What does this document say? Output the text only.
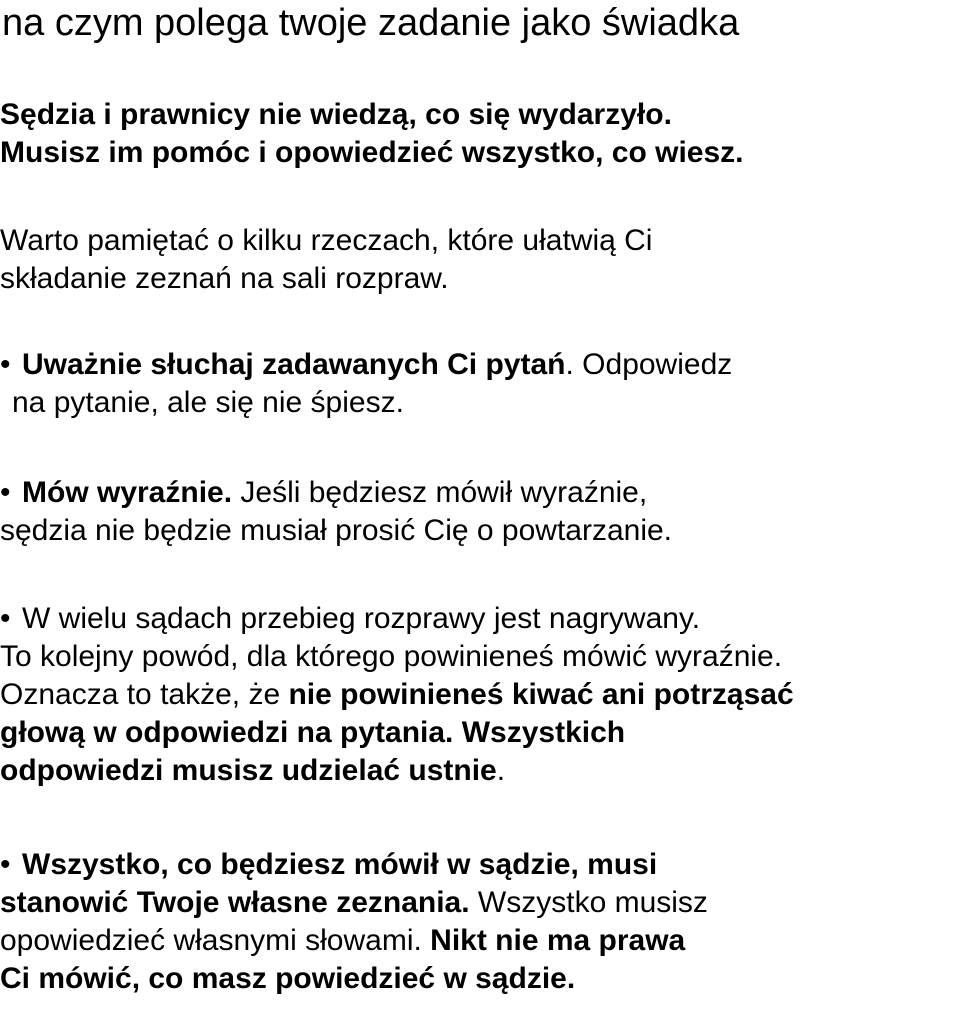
na czym polega twoje zadanie jako świadka

Sędzia i prawnicy nie wiedzą, co się wydarzyło.
Musisz im pomóc i opowiedzieć wszystko, co wiesz.

Warto pamiętać o kilku rzeczach, które ułatwią Ci
składanie zeznań na sali rozpraw.

• Uważnie słuchaj zadawanych Ci pytań. Odpowiedz
na pytanie, ale się nie śpiesz.

• Mów wyraźnie. Jeśli będziesz mówił wyraźnie,
sędzia nie będzie musiał prosić Cię o powtarzanie.

• W wielu sądach przebieg rozprawy jest nagrywany.
To kolejny powód, dla którego powinieneś mówić wyraźnie.
Oznacza to także, że nie powinieneś kiwać ani potrząsać
głową w odpowiedzi na pytania. Wszystkich
odpowiedzi musisz udzielać ustnie.

• Wszystko, co będziesz mówił w sądzie, musi
stanowić Twoje własne zeznania. Wszystko musisz
opowiedzieć własnymi słowami. Nikt nie ma prawa
Ci mówić, co masz powiedzieć w sądzie.
